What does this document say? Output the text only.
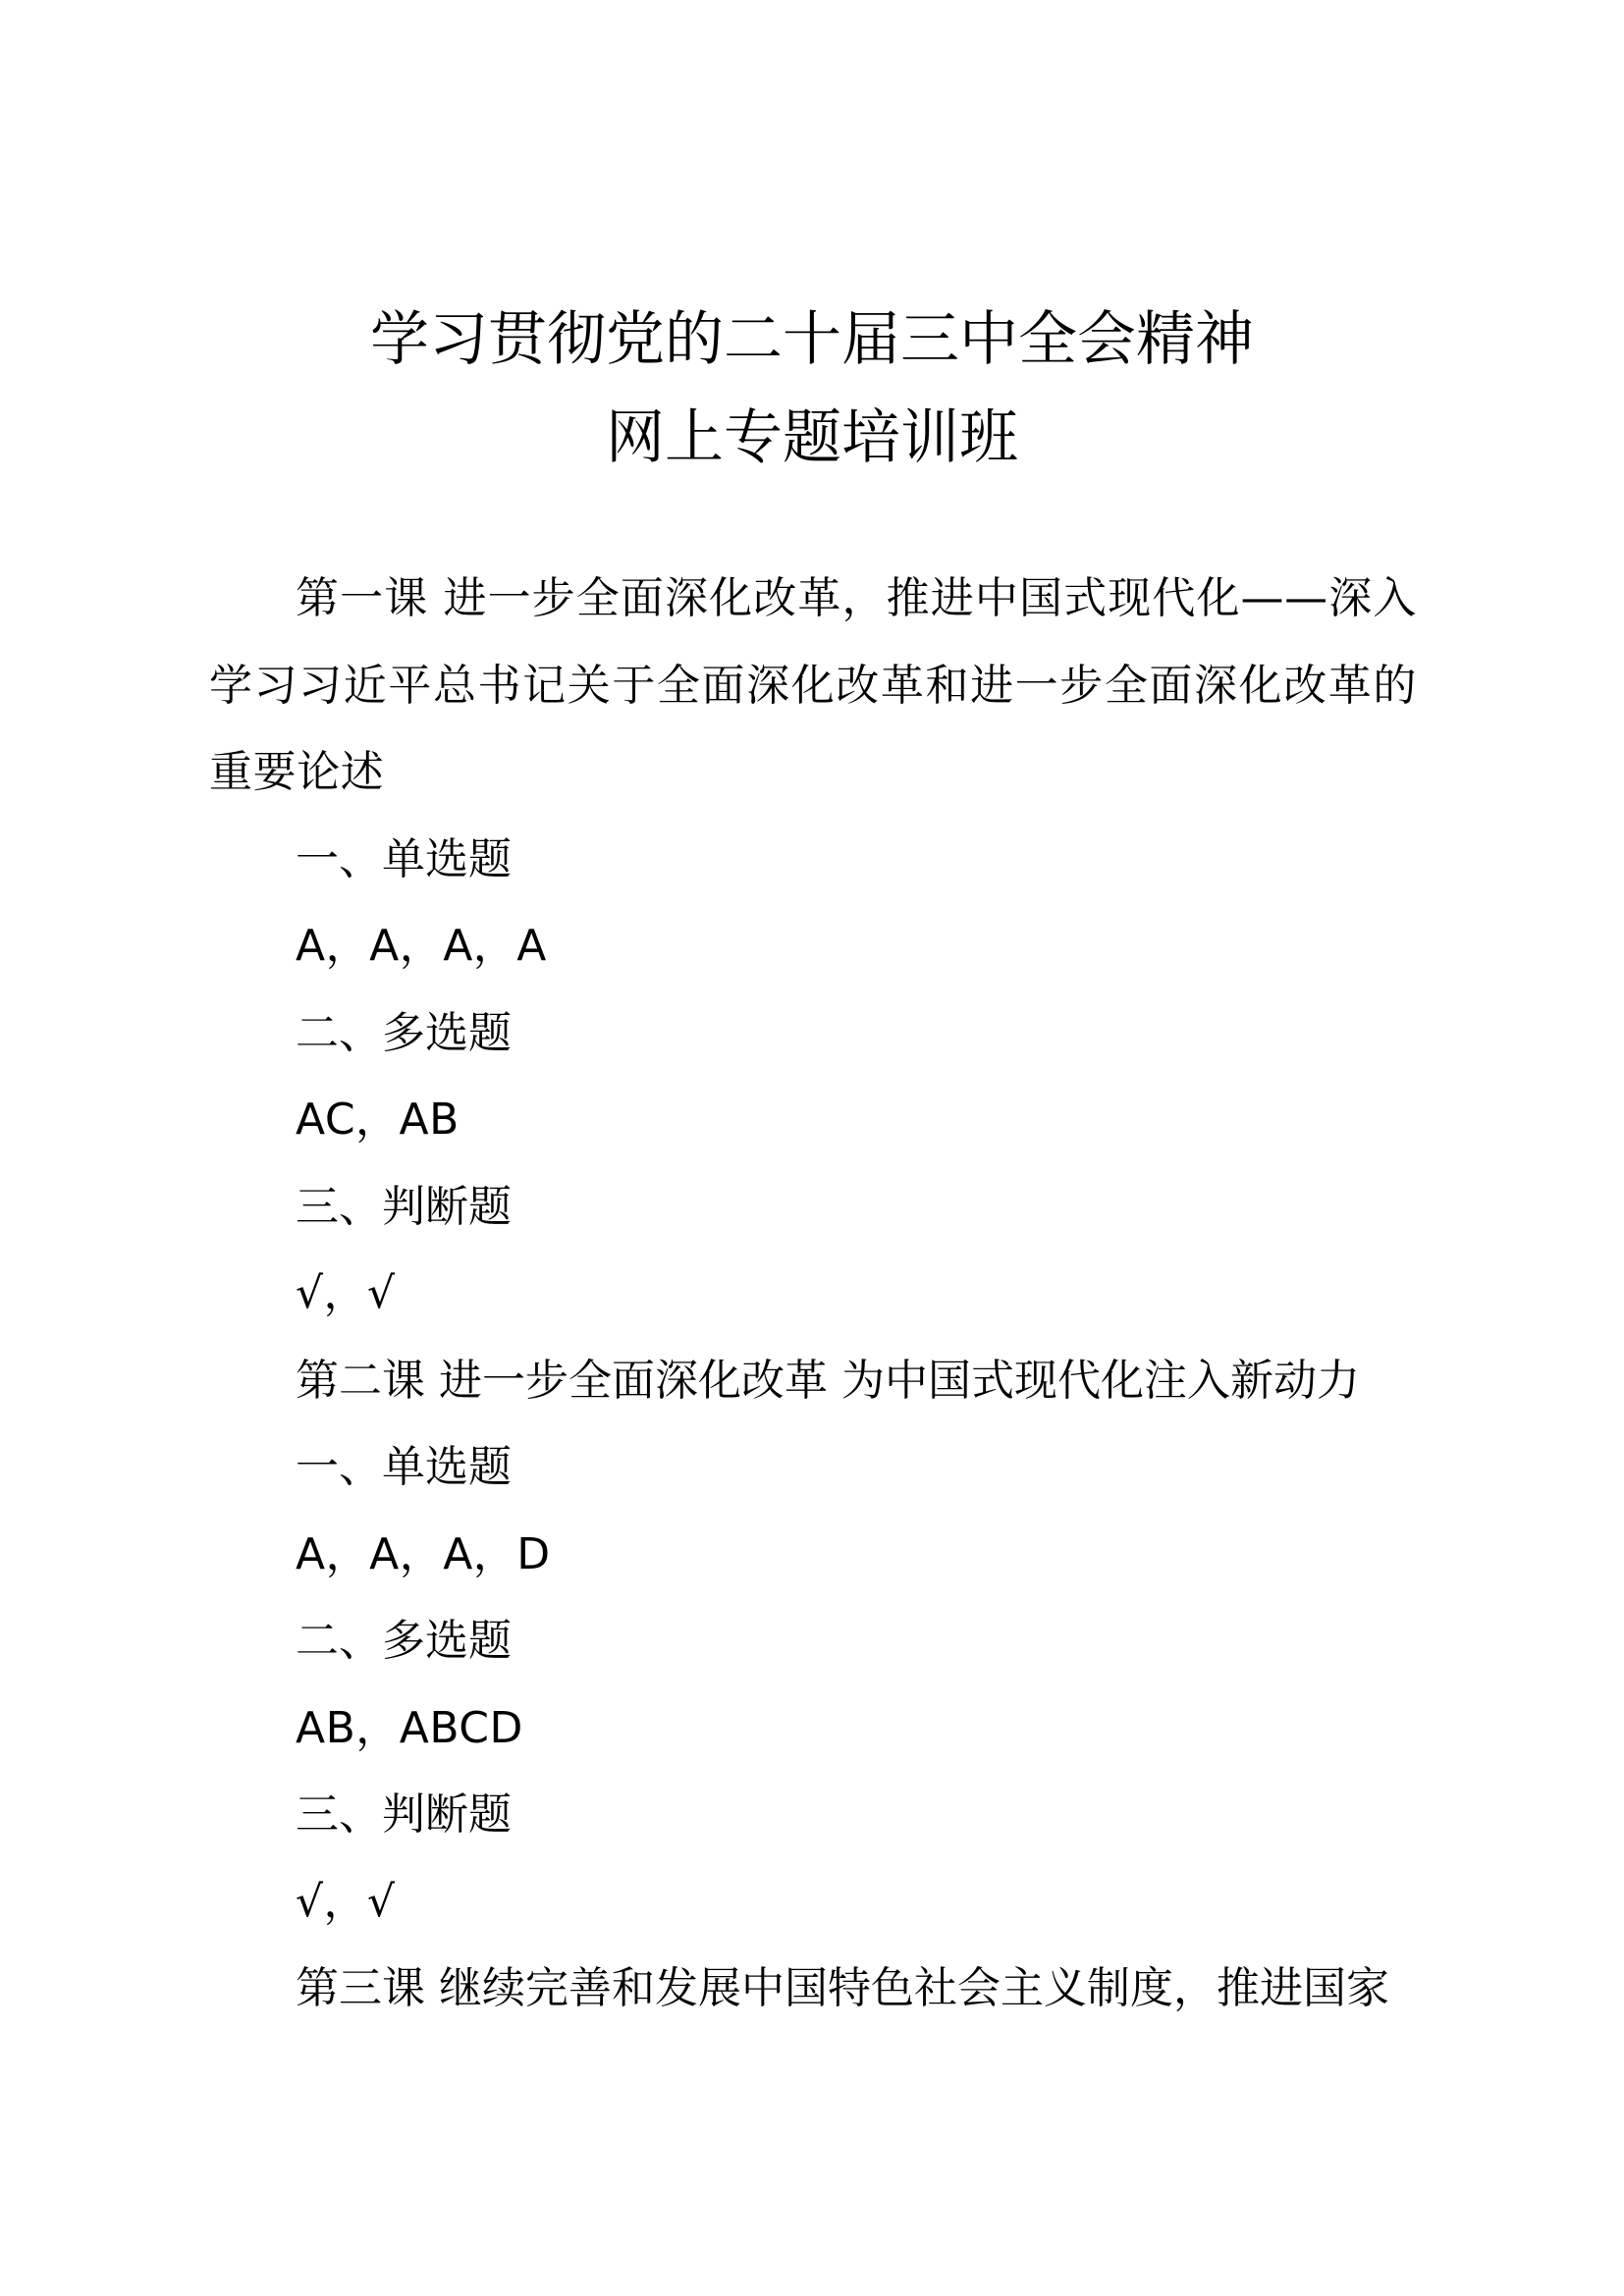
学习贯彻党的二十届三中全会精神
网上专题培训班

第一课 进一步全面深化改革，推进中国式现代化——深入学习习近平总书记关于全面深化改革和进一步全面深化改革的重要论述

一、单选题

A，A，A，A

二、多选题

AC，AB

三、判断题

√，√

第二课 进一步全面深化改革 为中国式现代化注入新动力

一、单选题

A，A，A，D

二、多选题

AB，ABCD

三、判断题

√，√

第三课 继续完善和发展中国特色社会主义制度，推进国家
